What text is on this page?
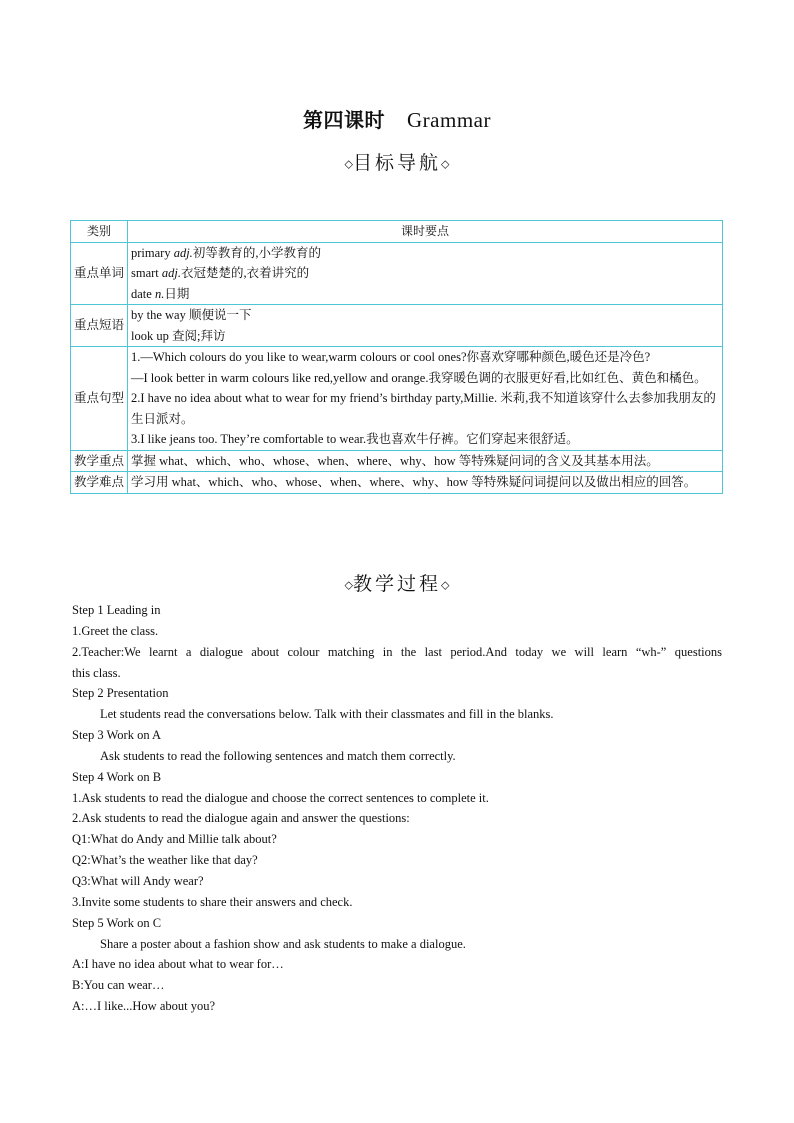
第四课时 Grammar
◇目标导航◇
类别	课时要点
重点单词	primary adj.初等教育的,小学教育的
smart adj.衣冠楚楚的,衣着讲究的
date n.日期

重点短语	by the way 顺便说一下
look up 查阅;拜访

重点句型	1.—Which colours do you like to wear,warm colours or cool ones?你喜欢穿哪种颜色,暖色还是冷色?
—I look better in warm colours like red,yellow and orange.我穿暖色调的衣服更好看,比如红色、黄色和橘色。
2.I have no idea about what to wear for my friend’s birthday party,Millie. 米莉,我不知道该穿什么去参加我朋友的生日派对。
3.I like jeans too. They’re comfortable to wear.我也喜欢牛仔裤。它们穿起来很舒适。

教学重点	掌握 what、which、who、whose、when、where、why、how 等特殊疑问词的含义及其基本用法。
教学难点	学习用 what、which、who、whose、when、where、why、how 等特殊疑问词提问以及做出相应的回答。
◇教学过程◇
Step 1 Leading in
1.Greet the class.
2.Teacher:We learnt a dialogue about colour matching in the last period.And today we will learn “wh-” questions
this class.
Step 2 Presentation
Let students read the conversations below. Talk with their classmates and fill in the blanks.
Step 3 Work on A
Ask students to read the following sentences and match them correctly.
Step 4 Work on B
1.Ask students to read the dialogue and choose the correct sentences to complete it.
2.Ask students to read the dialogue again and answer the questions:
Q1:What do Andy and Millie talk about?
Q2:What’s the weather like that day?
Q3:What will Andy wear?
3.Invite some students to share their answers and check.
Step 5 Work on C
Share a poster about a fashion show and ask students to make a dialogue.
A:I have no idea about what to wear for…
B:You can wear…
A:…I like...How about you?
